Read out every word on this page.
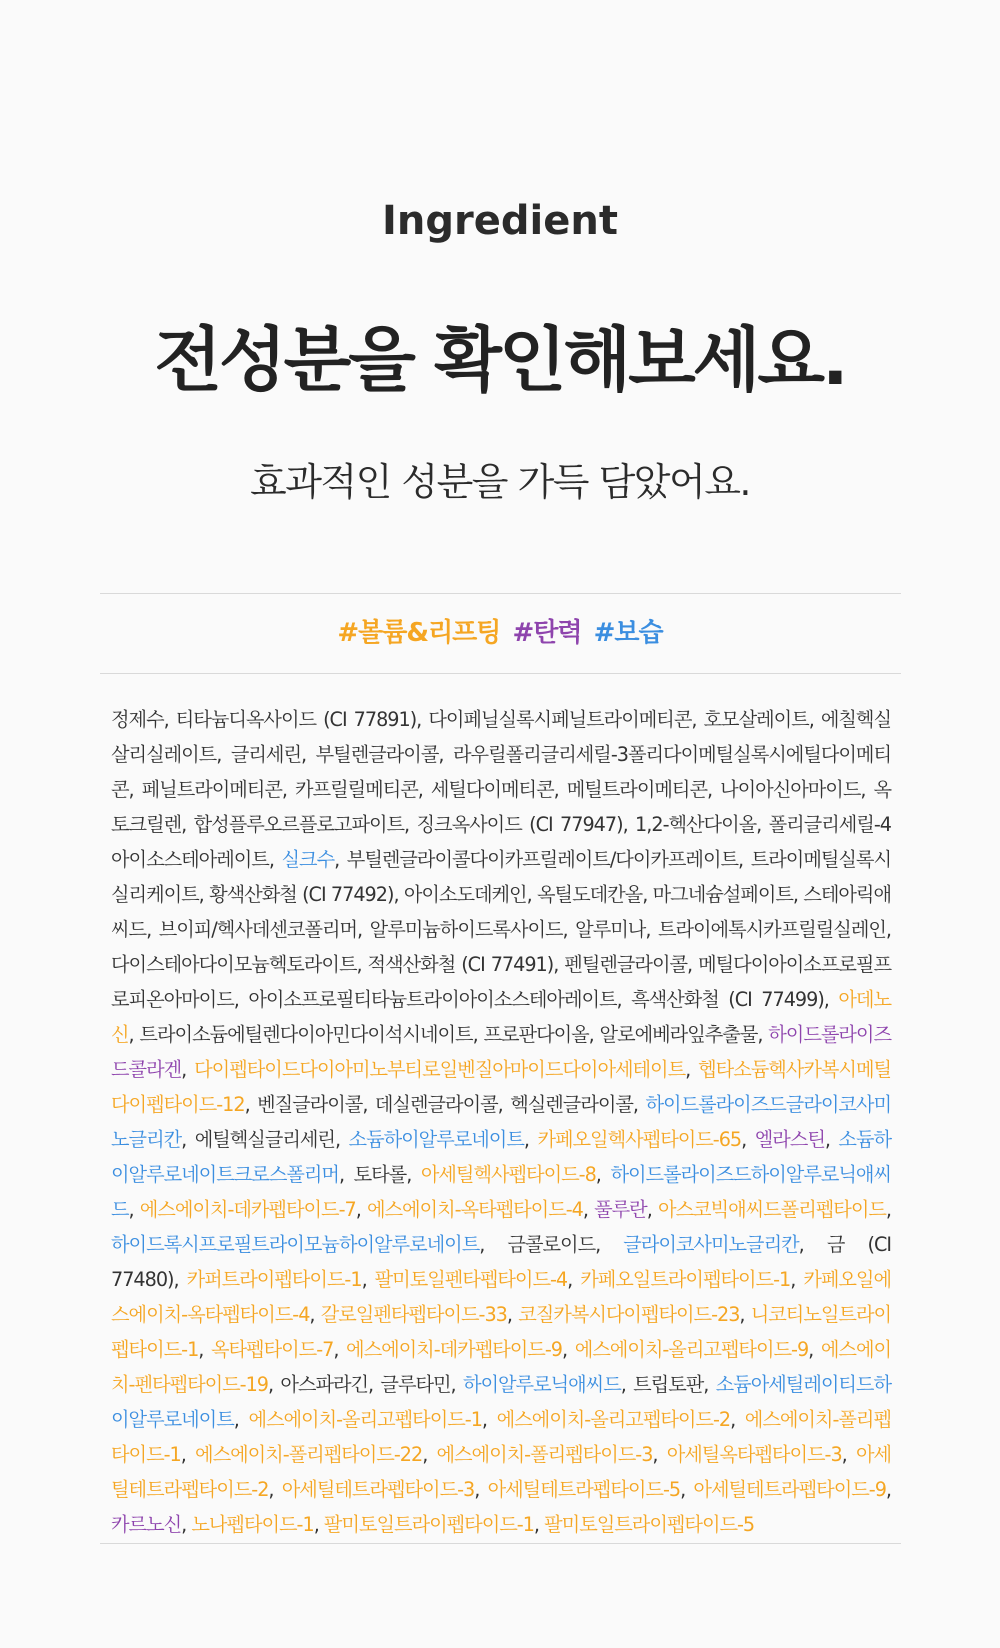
Ingredient
전성분을 확인해보세요.
효과적인 성분을 가득 담았어요.
#볼륨&리프팅 #탄력 #보습
정제수, 티타늄디옥사이드 (CI 77891), 다이페닐실록시페닐트라이메티콘, 호모살레이트, 에칠헥실살리실레이트, 글리세린, 부틸렌글라이콜, 라우릴폴리글리세릴-3폴리다이메틸실록시에틸다이메티콘, 페닐트라이메티콘, 카프릴릴메티콘, 세틸다이메티콘, 메틸트라이메티콘, 나이아신아마이드, 옥토크릴렌, 합성플루오르플로고파이트, 징크옥사이드 (CI 77947), 1,2-헥산다이올, 폴리글리세릴-4아이소스테아레이트, 실크수, 부틸렌글라이콜다이카프릴레이트/다이카프레이트, 트라이메틸실록시실리케이트, 황색산화철 (CI 77492), 아이소도데케인, 옥틸도데칸올, 마그네슘설페이트, 스테아릭애씨드, 브이피/헥사데센코폴리머, 알루미늄하이드록사이드, 알루미나, 트라이에톡시카프릴릴실레인, 다이스테아다이모늄헥토라이트, 적색산화철 (CI 77491), 펜틸렌글라이콜, 메틸다이아이소프로필프로피온아마이드, 아이소프로필티타늄트라이아이소스테아레이트, 흑색산화철 (CI 77499), 아데노신, 트라이소듐에틸렌다이아민다이석시네이트, 프로판다이올, 알로에베라잎추출물, 하이드롤라이즈드콜라겐, 다이펩타이드다이아미노부티로일벤질아마이드다이아세테이트, 헵타소듐헥사카복시메틸다이펩타이드-12, 벤질글라이콜, 데실렌글라이콜, 헥실렌글라이콜, 하이드롤라이즈드글라이코사미노글리칸, 에틸헥실글리세린, 소듐하이알루로네이트, 카페오일헥사펩타이드-65, 엘라스틴, 소듐하이알루로네이트크로스폴리머, 토타롤, 아세틸헥사펩타이드-8, 하이드롤라이즈드하이알루로닉애씨드, 에스에이치-데카펩타이드-7, 에스에이치-옥타펩타이드-4, 풀루란, 아스코빅애씨드폴리펩타이드, 하이드록시프로필트라이모늄하이알루로네이트, 금콜로이드, 글라이코사미노글리칸, 금 (CI 77480), 카퍼트라이펩타이드-1, 팔미토일펜타펩타이드-4, 카페오일트라이펩타이드-1, 카페오일에스에이치-옥타펩타이드-4, 갈로일펜타펩타이드-33, 코질카복시다이펩타이드-23, 니코티노일트라이펩타이드-1, 옥타펩타이드-7, 에스에이치-데카펩타이드-9, 에스에이치-올리고펩타이드-9, 에스에이치-펜타펩타이드-19, 아스파라긴, 글루타민, 하이알루로닉애씨드, 트립토판, 소듐아세틸레이티드하이알루로네이트, 에스에이치-올리고펩타이드-1, 에스에이치-올리고펩타이드-2, 에스에이치-폴리펩타이드-1, 에스에이치-폴리펩타이드-22, 에스에이치-폴리펩타이드-3, 아세틸옥타펩타이드-3, 아세틸테트라펩타이드-2, 아세틸테트라펩타이드-3, 아세틸테트라펩타이드-5, 아세틸테트라펩타이드-9, 카르노신, 노나펩타이드-1, 팔미토일트라이펩타이드-1, 팔미토일트라이펩타이드-5
